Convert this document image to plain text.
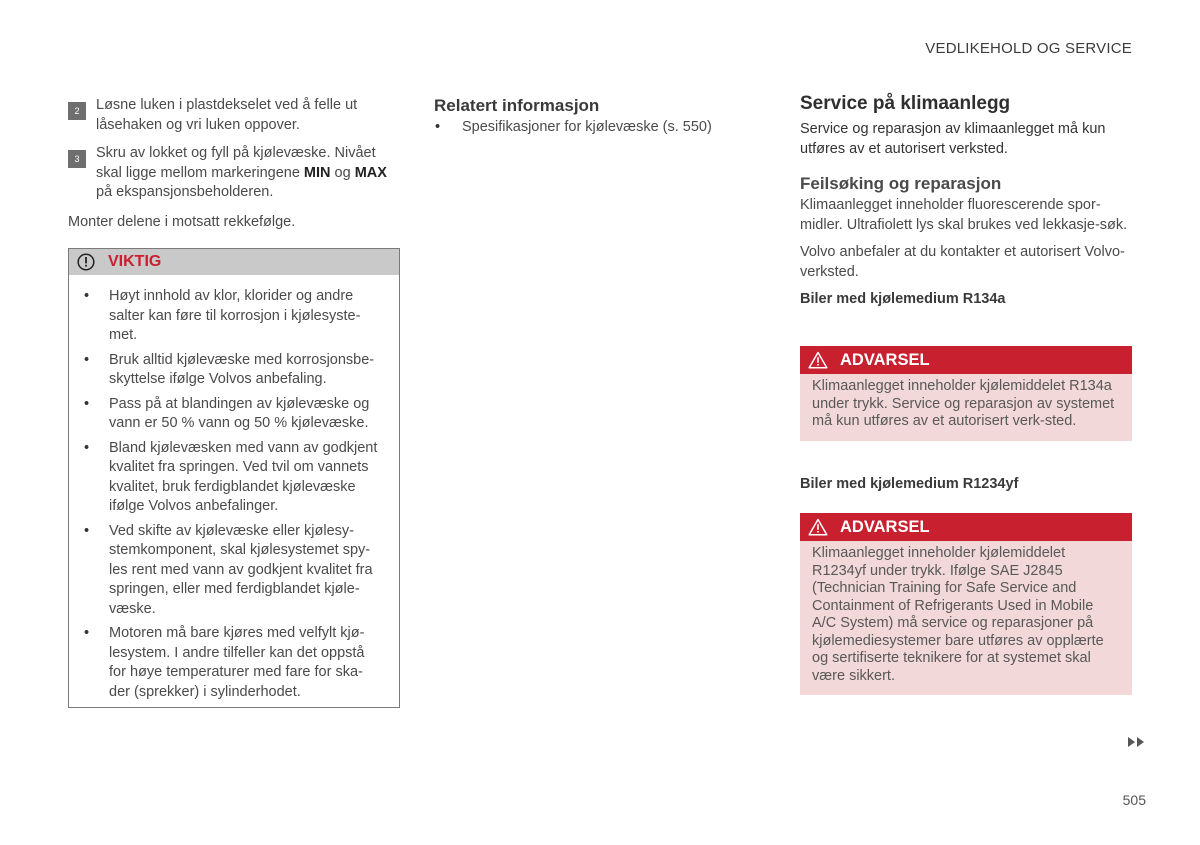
VEDLIKEHOLD OG SERVICE
2	Løsne luken i plastdekselet ved å felle ut låsehaken og vri luken oppover.
3	Skru av lokket og fyll på kjølevæske. Nivået skal ligge mellom markeringene MIN og MAX på ekspansjonsbeholderen.
Monter delene i motsatt rekkefølge.
VIKTIG
• Høyt innhold av klor, klorider og andre salter kan føre til korrosjon i kjølesyste-met.
• Bruk alltid kjølevæske med korrosjonsbe-skyttelse ifølge Volvos anbefaling.
• Pass på at blandingen av kjølevæske og vann er 50 % vann og 50 % kjølevæske.
• Bland kjølevæsken med vann av godkjent kvalitet fra springen. Ved tvil om vannets kvalitet, bruk ferdigblandet kjølevæske ifølge Volvos anbefalinger.
• Ved skifte av kjølevæske eller kjølesy-stemkomponent, skal kjølesystemet spy-les rent med vann av godkjent kvalitet fra springen, eller med ferdigblandet kjøle-væske.
• Motoren må bare kjøres med velfylt kjø-lesystem. I andre tilfeller kan det oppstå for høye temperaturer med fare for ska-der (sprekker) i sylinderhodet.
Relatert informasjon
• Spesifikasjoner for kjølevæske (s. 550)
Service på klimaanlegg
Service og reparasjon av klimaanlegget må kun utføres av et autorisert verksted.
Feilsøking og reparasjon
Klimaanlegget inneholder fluorescerende spor-midler. Ultrafiolett lys skal brukes ved lekkasje-søk.
Volvo anbefaler at du kontakter et autorisert Volvo-verksted.
Biler med kjølemedium R134a
ADVARSEL
Klimaanlegget inneholder kjølemiddelet R134a under trykk. Service og reparasjon av systemet må kun utføres av et autorisert verk-sted.
Biler med kjølemedium R1234yf
ADVARSEL
Klimaanlegget inneholder kjølemiddelet R1234yf under trykk. Ifølge SAE J2845 (Technician Training for Safe Service and Containment of Refrigerants Used in Mobile A/C System) må service og reparasjoner på kjølemediesystemer bare utføres av opplærte og sertifiserte teknikere for at systemet skal være sikkert.
505
